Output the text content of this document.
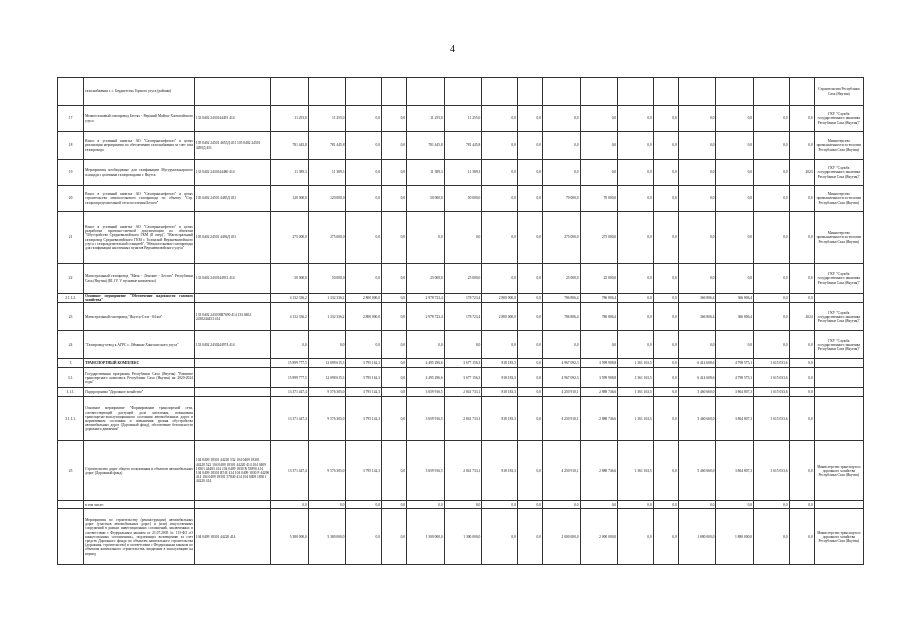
4
	газоснабжения г. с. Бердигестях Горного улуса (районы)																		Строительства Республики Саха (Якутия)
17	Межпоселковый газопровод Бестях - Верхний Майтаг-Хаптагайского улуса	133 0402 2430144491 414	11 255,0	11 255,0	0,0	0,0	11 255,0	11 255,0	0,0	0,0	0,0	0,0	0,0	0,0	0,0	0,0	0,0	0,0	ГКУ "Служба государственного заказчика Республики Саха (Якутия)"
18	Взнос в уставный капитал АО "Сахатранснефтегаз" в целях реализации мероприятия по обеспечению газоснабжения за счет газа газопровода	105 0402 24501 4655Д 451 105 0402 24501 4495Д 451	781 445,8	781 445,8	0,0	0,0	781 445,8	781 445,8	0,0	0,0	0,0	0,0	0,0	0,0	0,0	0,0	0,0	0,0	Министерство промышленности и геологии Республики Саха (Якутия)
19	Мероприятия необходимые для газификации Мугуруктаахарского площади с целевыми газопроводами г. Якутск	133 0402 2430144480 414	11 389,3	11 389,3	0,0	0,0	11 389,3	11 389,3	0,0	0,0	0,0	0,0	0,0	0,0	0,0	0,0	0,0	2023	ГКУ "Служба государственного заказчика Республики Саха (Якутия)"
20	Взнос в уставный капитал АО "Сахатранснефтегаз" в целях строительства межпоселкового газопровода по объекту "Стр. газораспределительной сети поселения Белого"	105 0402 24501 4485Д 451	120 000,0	120 000,0	0,0	0,0	50 000,0	50 000,0	0,0	0,0	70 000,0	70 000,0	0,0	0,0	0,0	0,0	0,0	0,0	Министерство промышленности и геологии Республики Саха (Якутия)
21	Взнос в уставный капитал АО "Сахатранснефтегаз" в целях разработки проектно-сметной документации по объектам "Обустройство Средневилюйского ГКМ (II очер)", "Магистральный газопровод Средневилюйского ГКМ с Толонской Верхневилюйского улуса с газоразделительной станцией", "Межпоселковые газопроводы для газификации населенных пунктов Верхневилюйского улуса"	105 0402 24501 4496Д 451	275 000,0	275 000,0	0,0	0,0	0,0	0,0	0,0	0,0	275 000,0	275 000,0	0,0	0,0	0,0	0,0	0,0	0,0	Министерство промышленности и геологии Республики Саха (Якутия)
22	Магистральный газопровод "Мача - Ленские - Бестях" Республики Саха (Якутия) (III, IV, V пусковые комплексы)	133 0402 2430144931 414	50 000,0	50 000,0	0,0	0,0	25 000,0	25 000,0	0,0	0,0	25 000,0	25 000,0	0,0	0,0	0,0	0,0	0,0	0,0	ГКУ "Служба государственного заказчика Республики Саха (Якутия)"
2.1.1.2.	Основное мероприятие "Обеспечение надежности газового хозяйства"		4 132 336,2	1 332 336,2	2 800 000,0	0,0	2 978 723,4	178 723,4	2 800 000,0	0,0	786 806,4	786 806,4	0,0	0,0	366 806,4	366 806,4	0,0	0,0	
23	Магистральный газопровод "Якутск-Сэлэ - 84 км"	133 0402 2430 ВВ7690 414 133 0402 2430244453 414	4 132 336,2	1 332 336,2	2 800 000,0	0,0	2 978 723,4	178 723,4	2 800 000,0	0,0	786 806,4	786 806,4	0,0	0,0	366 806,4	366 806,4	0,0	2024	ГКУ "Служба государственного заказчика Республики Саха (Якутия)"
24	"Газопровод-отвод к АГРС с. Оймякон Хангаласского улуса"	133 0402 2430244974 414	0,0	0,0	0,0	0,0	0,0	0,0	0,0	0,0	0,0	0,0	0,0	0,0	0,0	0,0	0,0	0,0	ГКУ "Служба государственного заказчика Республики Саха (Якутия)"
3	ТРАНСПОРТНЫЙ КОМПЛЕКС		15 899 777,5	12 098 615,3	3 795 162,3	0,0	4 495 296,6	3 677 156,3	818 183,3	0,0	4 967 092,3	3 599 908,8	1 361 163,5	0,0	6 414 608,6	4 798 575,1	1 615 033,6	0,0	
3.1.	Государственная программа Республики Саха (Якутия) "Развитие транспортного комплекса Республики Саха (Якутия) на 2020-2024 годы"		15 899 777,5	12 098 615,3	3 795 162,3	0,0	4 495 296,6	3 677 156,3	818 183,3	0,0	4 967 092,3	3 599 908,8	1 361 163,5	0,0	6 414 608,6	4 798 575,1	1 615 033,6	0,0	
3.1.1.	Подпрограмма "Дорожное хозяйство"		13 371 447,4	9 576 305,0	3 795 142,3	0,0	3 659 916,5	2 841 733,1	818 183,3	0,0	4 250 910,1	2 888 746,6	1 361 163,5	0,0	5 460 660,0	3 864 807,3	1 615 033,6	0,0	
3.1.1.1.	Основное мероприятие "Формирование транспортной сети, соответствующей растущей доле населения, повышения транспортно-эксплуатационного состояния автомобильных дорог в нормативном состоянии и повышения уровня обустройства автомобильных дорог (Дорожный фонд), обеспечение безопасности дорожного движения"		13 371 447,4	9 576 305,0	3 795 142,3	0,0	3 659 916,5	2 841 733,1	818 183,3	0,0	4 250 910,1	2 888 746,6	1 361 163,5	0,0	5 460 660,0	3 864 807,3	1 615 033,6	0,0	
25	Строительство дорог общего пользования и объектов автомобильных дорог (Дорожный фонд)	104 0409 18301 44220 532 104 0409 18301 44220 522 104 0409 18301 44220 414 104 0409 18301 44483 414 104 0409 1830 R 53890 414 104 0409 18301 R5 R 414 104 0409 1830 Р 44290 414 104 0409 18301 57840 414 104 0409 18301 44220 414	13 371 447,4	9 576 305,0	3 795 142,3	0,0	3 659 916,5	2 841 733,1	818 183,3	0,0	4 250 910,1	2 888 746,6	1 361 163,5	0,0	5 460 660,0	3 864 807,3	1 615 033,6	0,0	Министерство транспорта и дорожного хозяйства Республики Саха (Якутия)
	в том числе:		0,0	0,0	0,0	0,0	0,0	0,0	0,0	0,0	0,0	0,0	0,0	0,0	0,0	0,0	0,0	0,0	
	Мероприятия по строительству (реконструкции) автомобильных дорог (участков автомобильных дорог) и (или) искусственных сооружений в рамках инвестиционных соглашений, заключенных в соответствии с Федеральным законом от 21.07.2005 № 115-ФЗ «О концессионных соглашениях», подлежащих возмещению за счет средств Дорожного фонда по объектам капитального строительства (дорожная, строительство) в соответствии с Федеральным законом по объектам капитального строительства, вводимым в эксплуатацию на период	104 0409 18301 44220 414	5 380 000,0	5 380 000,0	0,0	0,0	1 300 000,0	1 300 000,0	0,0	0,0	2 000 000,0	2 000 000,0	0,0	0,0	1 880 000,0	1 880 000,0	0,0	0,0	Министерство транспорта и дорожного хозяйства Республики Саха (Якутия)
